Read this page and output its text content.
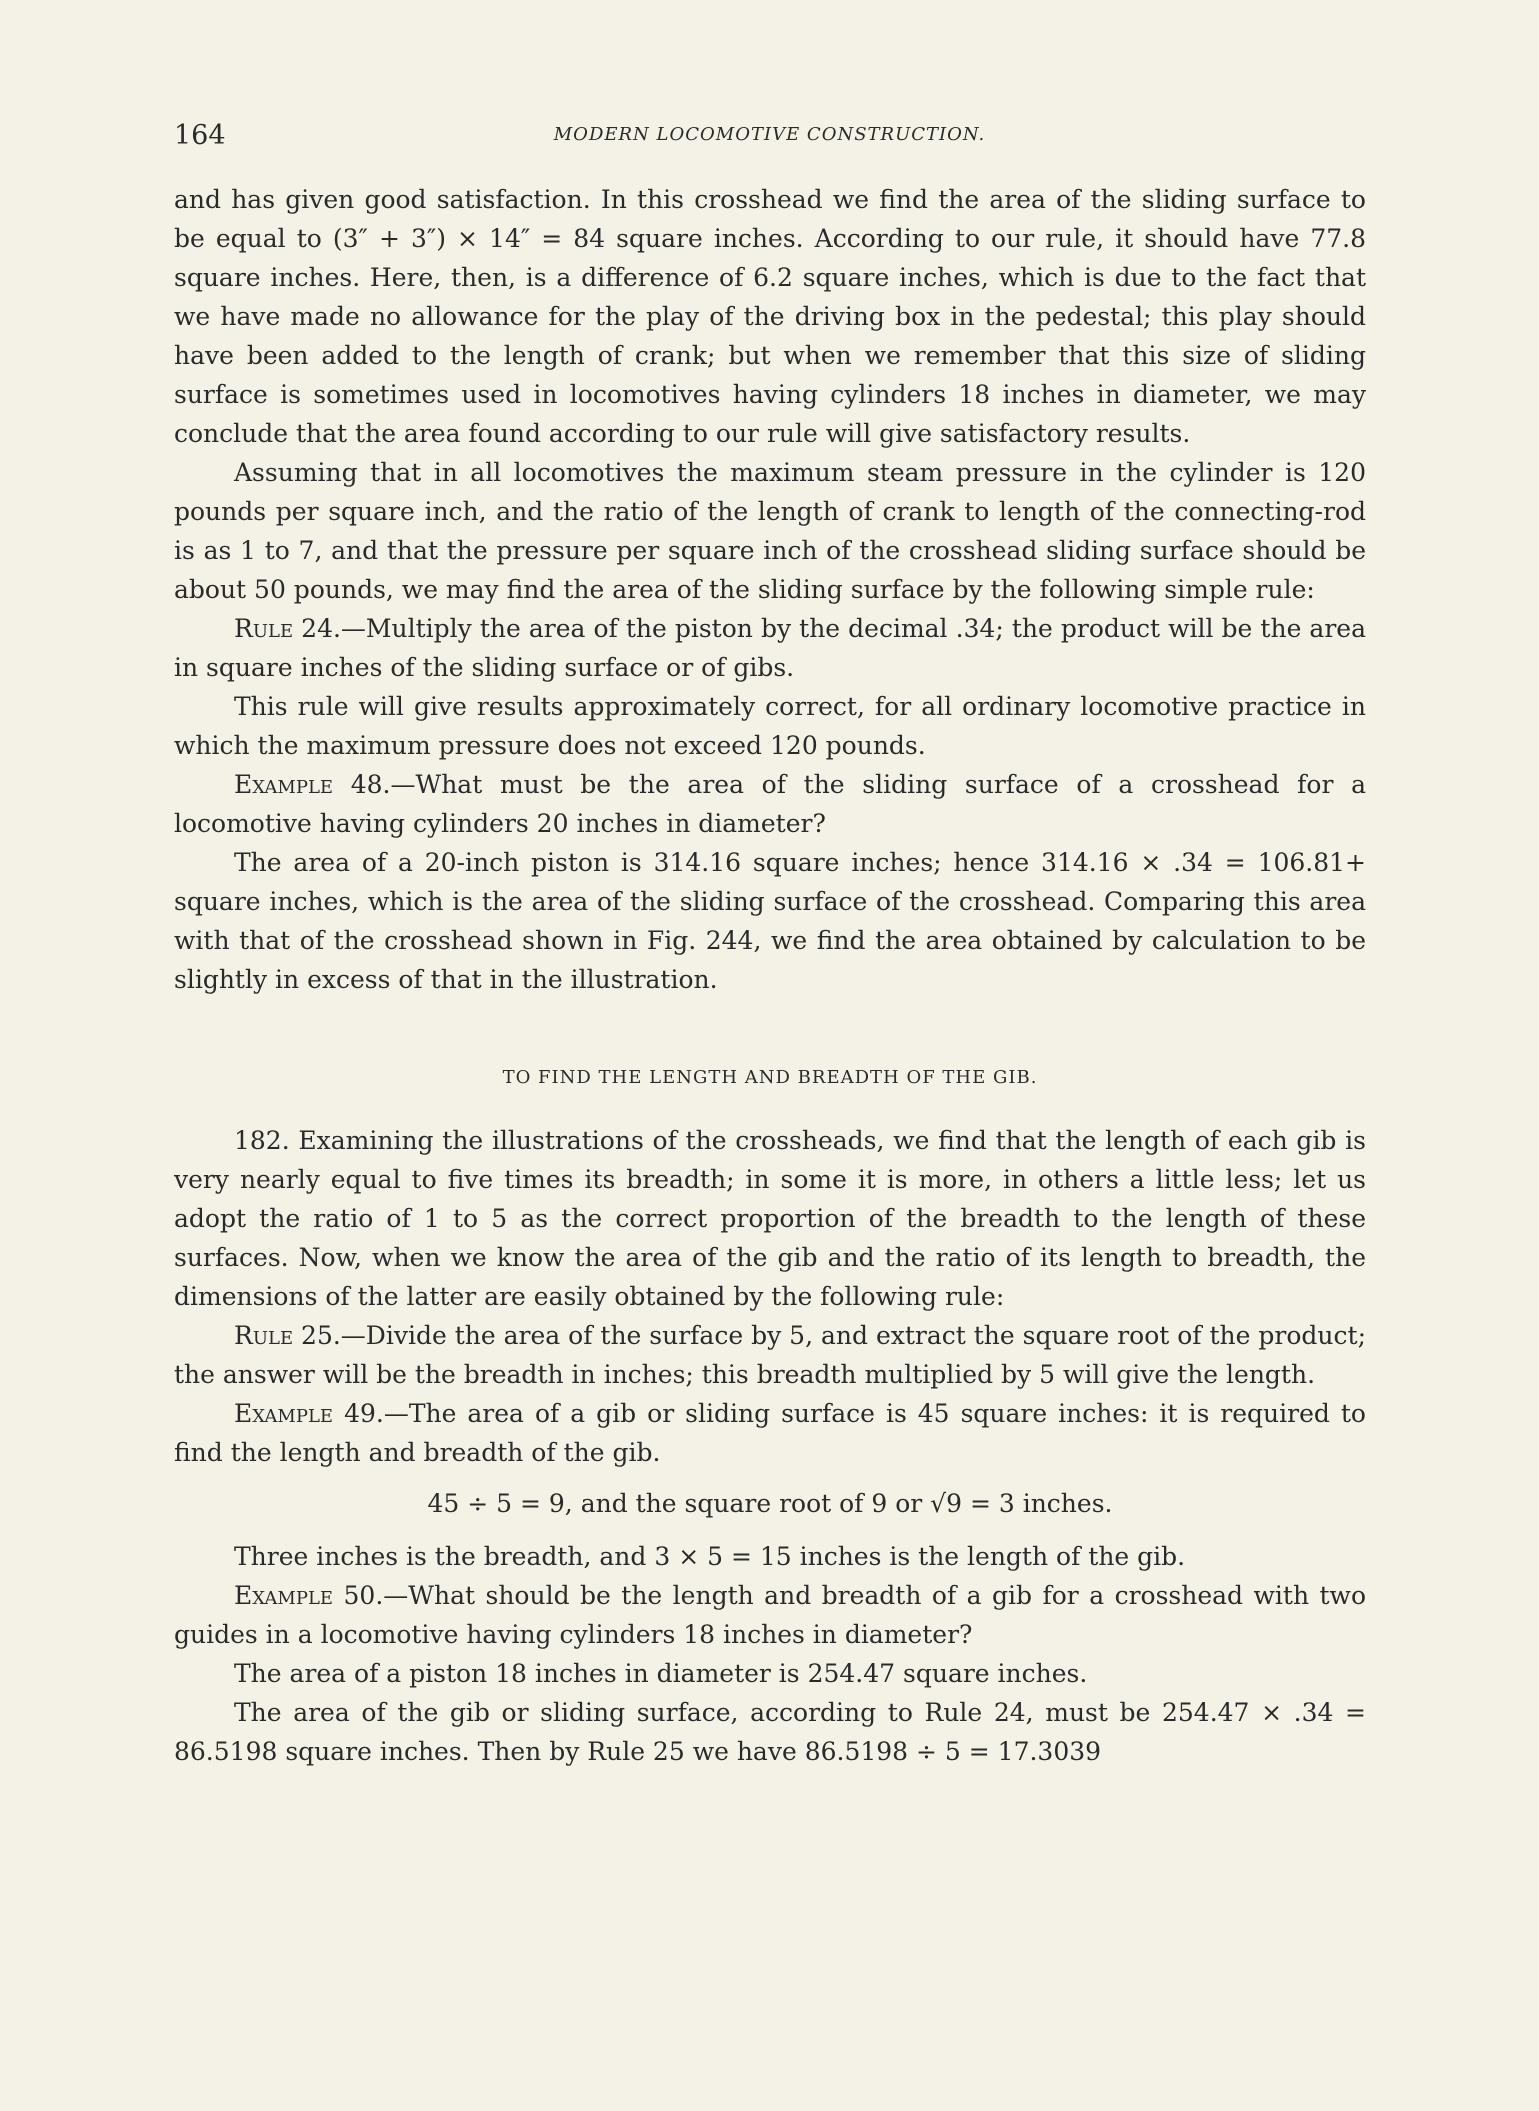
164	MODERN LOCOMOTIVE CONSTRUCTION.

and has given good satisfaction. In this crosshead we find the area of the sliding surface to be equal to (3″ + 3″) × 14″ = 84 square inches. According to our rule, it should have 77.8 square inches. Here, then, is a difference of 6.2 square inches, which is due to the fact that we have made no allowance for the play of the driving box in the pedestal; this play should have been added to the length of crank; but when we remember that this size of sliding surface is sometimes used in locomotives having cylinders 18 inches in diameter, we may conclude that the area found according to our rule will give satisfactory results.

Assuming that in all locomotives the maximum steam pressure in the cylinder is 120 pounds per square inch, and the ratio of the length of crank to length of the connecting-rod is as 1 to 7, and that the pressure per square inch of the crosshead sliding surface should be about 50 pounds, we may find the area of the sliding surface by the following simple rule:

Rule 24.—Multiply the area of the piston by the decimal .34; the product will be the area in square inches of the sliding surface or of gibs.

This rule will give results approximately correct, for all ordinary locomotive practice in which the maximum pressure does not exceed 120 pounds.

Example 48.—What must be the area of the sliding surface of a crosshead for a locomotive having cylinders 20 inches in diameter?

The area of a 20-inch piston is 314.16 square inches; hence 314.16 × .34 = 106.81+ square inches, which is the area of the sliding surface of the crosshead. Comparing this area with that of the crosshead shown in Fig. 244, we find the area obtained by calculation to be slightly in excess of that in the illustration.

TO FIND THE LENGTH AND BREADTH OF THE GIB.

182. Examining the illustrations of the crossheads, we find that the length of each gib is very nearly equal to five times its breadth; in some it is more, in others a little less; let us adopt the ratio of 1 to 5 as the correct proportion of the breadth to the length of these surfaces. Now, when we know the area of the gib and the ratio of its length to breadth, the dimensions of the latter are easily obtained by the following rule:

Rule 25.—Divide the area of the surface by 5, and extract the square root of the product; the answer will be the breadth in inches; this breadth multiplied by 5 will give the length.

Example 49.—The area of a gib or sliding surface is 45 square inches: it is required to find the length and breadth of the gib.

45 ÷ 5 = 9, and the square root of 9 or √9 = 3 inches.

Three inches is the breadth, and 3 × 5 = 15 inches is the length of the gib.

Example 50.—What should be the length and breadth of a gib for a crosshead with two guides in a locomotive having cylinders 18 inches in diameter?

The area of a piston 18 inches in diameter is 254.47 square inches.

The area of the gib or sliding surface, according to Rule 24, must be 254.47 × .34 = 86.5198 square inches. Then by Rule 25 we have 86.5198 ÷ 5 = 17.3039
